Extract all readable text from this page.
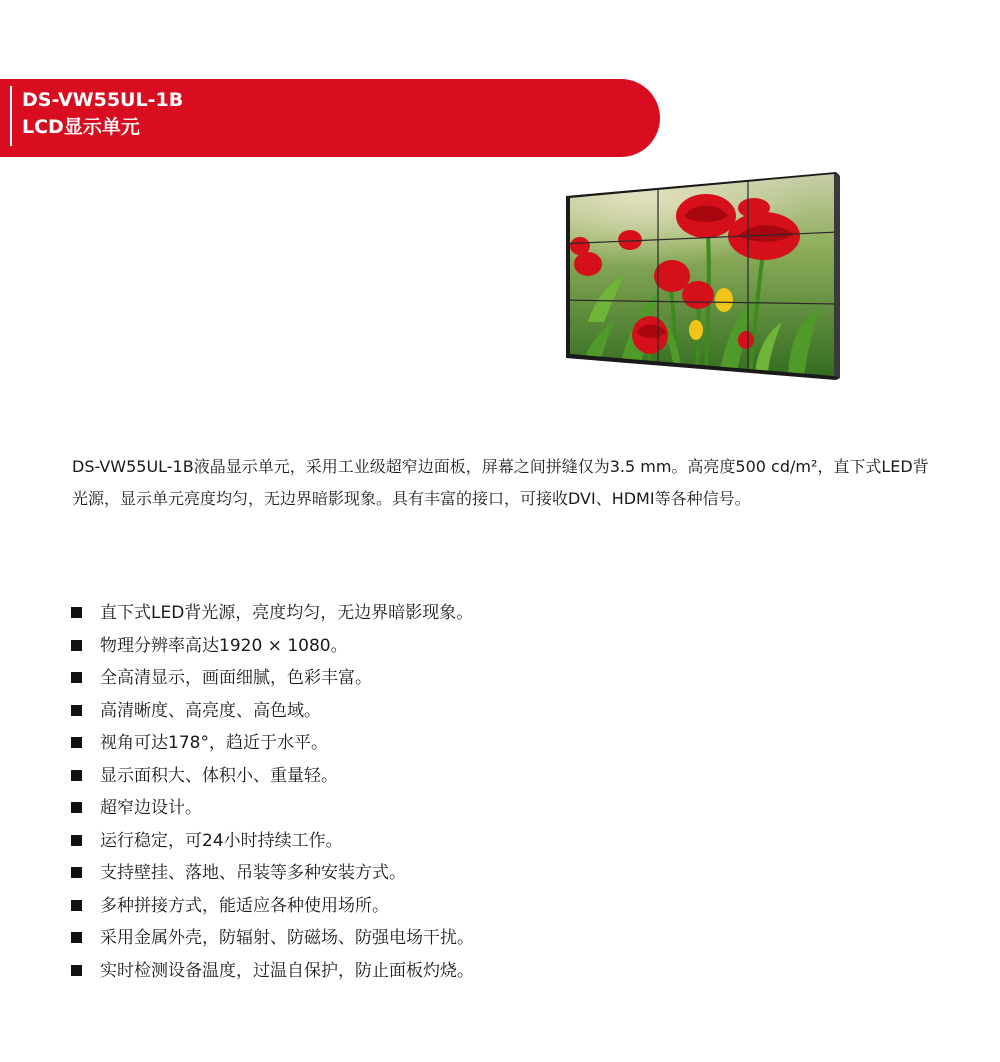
DS-VW55UL-1B
LCD显示单元
DS-VW55UL-1B液晶显示单元，采用工业级超窄边面板，屏幕之间拼缝仅为3.5 mm。高亮度500 cd/m²，直下式LED背光源，显示单元亮度均匀，无边界暗影现象。具有丰富的接口，可接收DVI、HDMI等各种信号。
直下式LED背光源，亮度均匀，无边界暗影现象。
物理分辨率高达1920 × 1080。
全高清显示，画面细腻，色彩丰富。
高清晰度、高亮度、高色域。
视角可达178°，趋近于水平。
显示面积大、体积小、重量轻。
超窄边设计。
运行稳定，可24小时持续工作。
支持壁挂、落地、吊装等多种安装方式。
多种拼接方式，能适应各种使用场所。
采用金属外壳，防辐射、防磁场、防强电场干扰。
实时检测设备温度，过温自保护，防止面板灼烧。
